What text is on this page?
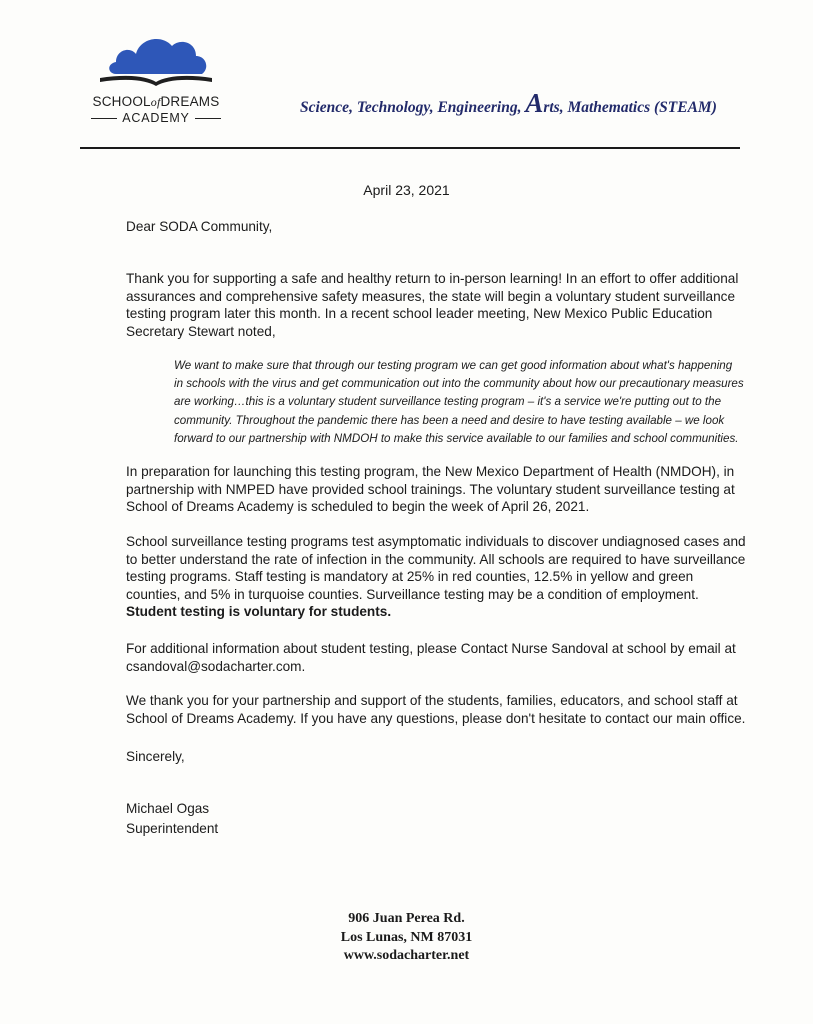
SCHOOLofDREAMS
ACADEMY
Science, Technology, Engineering, Arts, Mathematics (STEAM)
April 23, 2021

Dear SODA Community,

Thank you for supporting a safe and healthy return to in-person learning! In an effort to offer additional assurances and comprehensive safety measures, the state will begin a voluntary student surveillance testing program later this month. In a recent school leader meeting, New Mexico Public Education Secretary Stewart noted,

We want to make sure that through our testing program we can get good information about what's happening in schools with the virus and get communication out into the community about how our precautionary measures are working…this is a voluntary student surveillance testing program – it's a service we're putting out to the community. Throughout the pandemic there has been a need and desire to have testing available – we look forward to our partnership with NMDOH to make this service available to our families and school communities.

In preparation for launching this testing program, the New Mexico Department of Health (NMDOH), in partnership with NMPED have provided school trainings. The voluntary student surveillance testing at School of Dreams Academy is scheduled to begin the week of April 26, 2021.

School surveillance testing programs test asymptomatic individuals to discover undiagnosed cases and to better understand the rate of infection in the community. All schools are required to have surveillance testing programs. Staff testing is mandatory at 25% in red counties, 12.5% in yellow and green counties, and 5% in turquoise counties. Surveillance testing may be a condition of employment. Student testing is voluntary for students.

For additional information about student testing, please Contact Nurse Sandoval at school by email at csandoval@sodacharter.com.

We thank you for your partnership and support of the students, families, educators, and school staff at School of Dreams Academy. If you have any questions, please don't hesitate to contact our main office.

Sincerely,

Michael Ogas

Superintendent

906 Juan Perea Rd.
Los Lunas, NM 87031
www.sodacharter.net
